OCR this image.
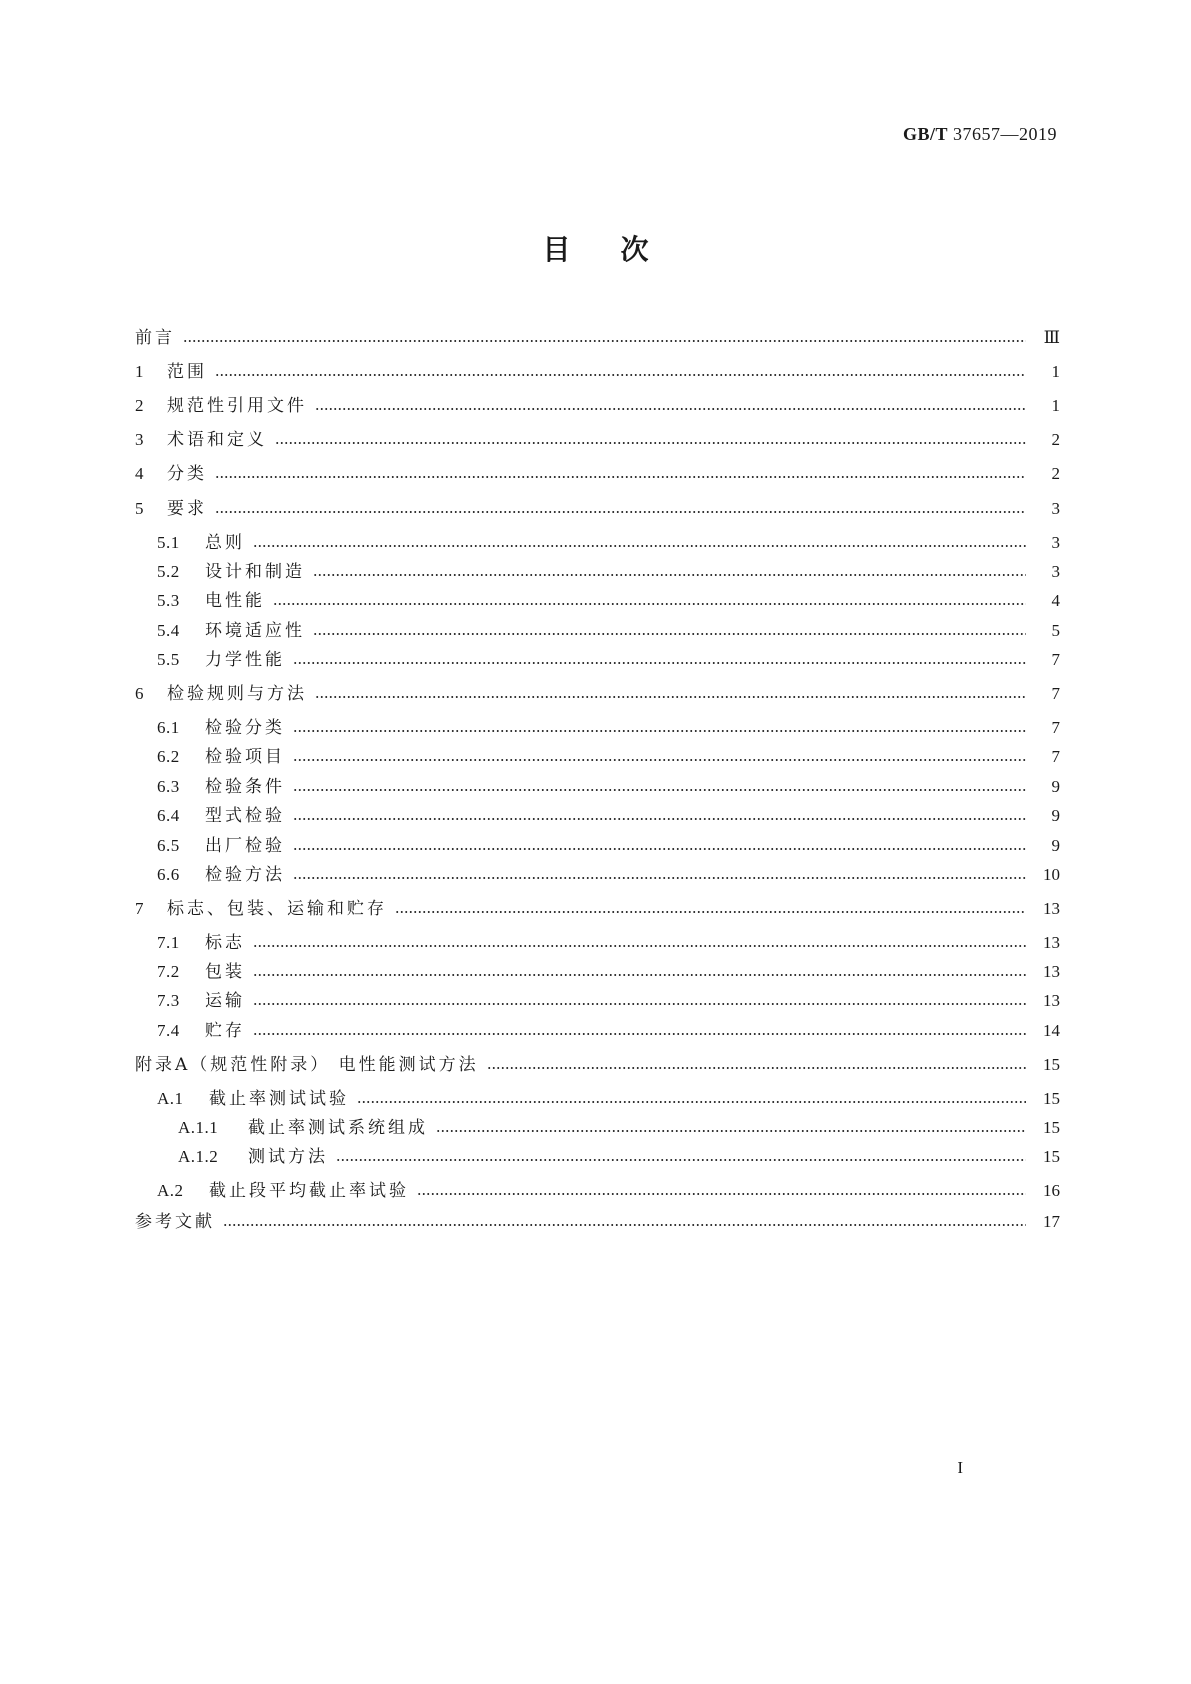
GB/T 37657—2019
目次
前言	Ⅲ
1	范围	1
2	规范性引用文件	1
3	术语和定义	2
4	分类	2
5	要求	3
5.1	总则	3
5.2	设计和制造	3
5.3	电性能	4
5.4	环境适应性	5
5.5	力学性能	7
6	检验规则与方法	7
6.1	检验分类	7
6.2	检验项目	7
6.3	检验条件	9
6.4	型式检验	9
6.5	出厂检验	9
6.6	检验方法	10
7	标志、包装、运输和贮存	13
7.1	标志	13
7.2	包装	13
7.3	运输	13
7.4	贮存	14
附录A（规范性附录） 电性能测试方法	15
A.1	截止率测试试验	15
A.1.1	截止率测试系统组成	15
A.1.2	测试方法	15
A.2	截止段平均截止率试验	16
参考文献	17
I
